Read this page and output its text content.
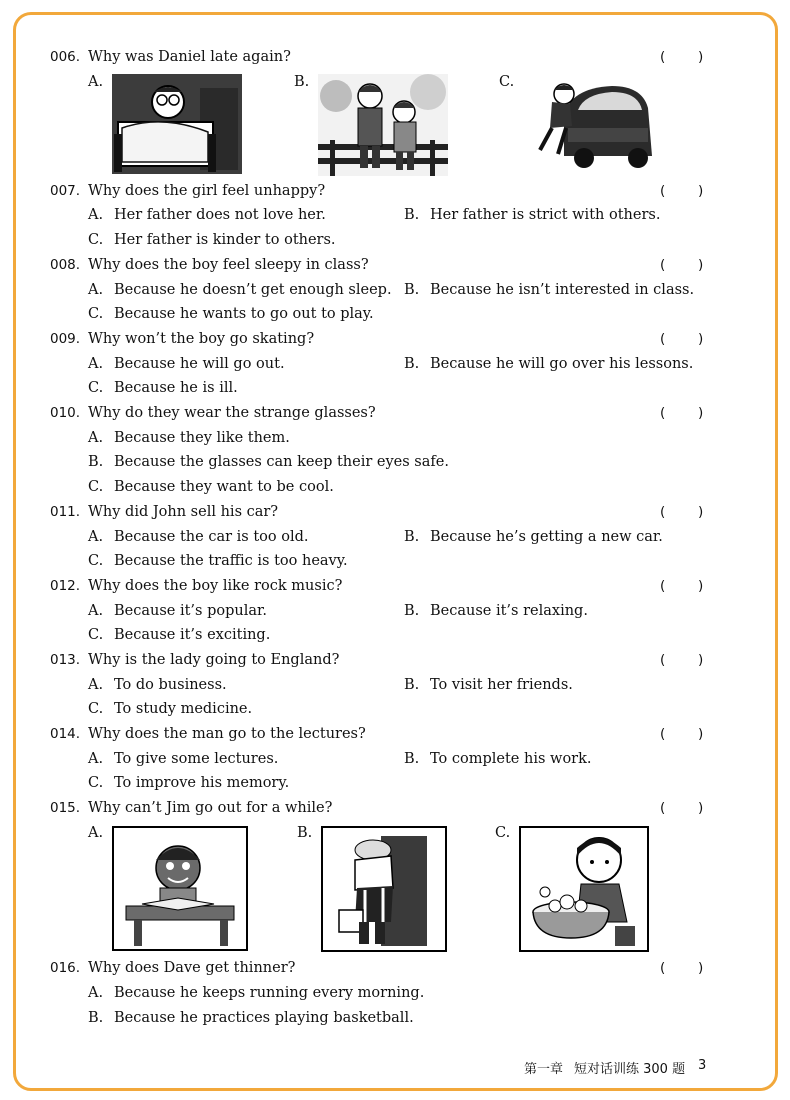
006. Why was Daniel late again?	( )
A.	B.	C.
007. Why does the girl feel unhappy?	( )
A. Her father does not love her.	B. Her father is strict with others.
C. Her father is kinder to others.
008. Why does the boy feel sleepy in class?	( )
A. Because he doesn’t get enough sleep. B. Because he isn’t interested in class.
C. Because he wants to go out to play.
009. Why won’t the boy go skating?	( )
A. Because he will go out.	B. Because he will go over his lessons.
C. Because he is ill.
010. Why do they wear the strange glasses?	( )
A. Because they like them.
B. Because the glasses can keep their eyes safe.
C. Because they want to be cool.
011. Why did John sell his car?	( )
A. Because the car is too old.	B. Because he’s getting a new car.
C. Because the traffic is too heavy.
012. Why does the boy like rock music?	( )
A. Because it’s popular.	B. Because it’s relaxing.
C. Because it’s exciting.
013. Why is the lady going to England?	( )
A. To do business.	B. To visit her friends.
C. To study medicine.
014. Why does the man go to the lectures?	( )
A. To give some lectures.	B. To complete his work.
C. To improve his memory.
015. Why can’t Jim go out for a while?	( )
A.	B.	C.
016. Why does Dave get thinner?	( )
A. Because he keeps running every morning.
B. Because he practices playing basketball.
第一章 短对话训练 300 题 3
